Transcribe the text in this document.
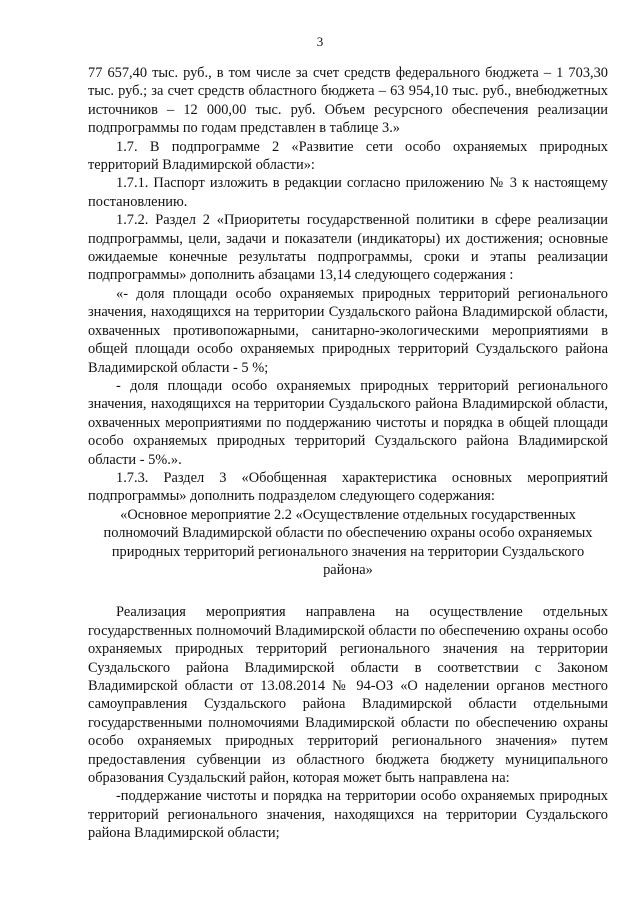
3

77 657,40 тыс. руб., в том числе за счет средств федерального бюджета – 1 703,30 тыс. руб.; за счет средств областного бюджета – 63 954,10 тыс. руб., внебюджетных источников – 12 000,00 тыс. руб. Объем ресурсного обеспечения реализации подпрограммы по годам представлен в таблице 3.»

1.7. В подпрограмме 2 «Развитие сети особо охраняемых природных территорий Владимирской области»:

1.7.1. Паспорт изложить в редакции согласно приложению № 3 к настоящему постановлению.

1.7.2. Раздел 2 «Приоритеты государственной политики в сфере реализации подпрограммы, цели, задачи и показатели (индикаторы) их достижения; основные ожидаемые конечные результаты подпрограммы, сроки и этапы реализации подпрограммы» дополнить абзацами 13,14 следующего содержания :

«- доля площади особо охраняемых природных территорий регионального значения, находящихся на территории Суздальского района Владимирской области, охваченных противопожарными, санитарно-экологическими мероприятиями в общей площади особо охраняемых природных территорий Суздальского района Владимирской области - 5 %;

- доля площади особо охраняемых природных территорий регионального значения, находящихся на территории Суздальского района Владимирской области, охваченных мероприятиями по поддержанию чистоты и порядка в общей площади особо охраняемых природных территорий Суздальского района Владимирской области - 5%.».

1.7.3. Раздел 3 «Обобщенная характеристика основных мероприятий подпрограммы» дополнить подразделом следующего содержания:

«Основное мероприятие 2.2 «Осуществление отдельных государственных полномочий Владимирской области по обеспечению охраны особо охраняемых природных территорий регионального значения на территории Суздальского района»

Реализация мероприятия направлена на осуществление отдельных государственных полномочий Владимирской области по обеспечению охраны особо охраняемых природных территорий регионального значения на территории Суздальского района Владимирской области в соответствии с Законом Владимирской области от 13.08.2014 № 94-ОЗ «О наделении органов местного самоуправления Суздальского района Владимирской области отдельными государственными полномочиями Владимирской области по обеспечению охраны особо охраняемых природных территорий регионального значения» путем предоставления субвенции из областного бюджета бюджету муниципального образования Суздальский район, которая может быть направлена на:

-поддержание чистоты и порядка на территории особо охраняемых природных территорий регионального значения, находящихся на территории Суздальского района Владимирской области;
